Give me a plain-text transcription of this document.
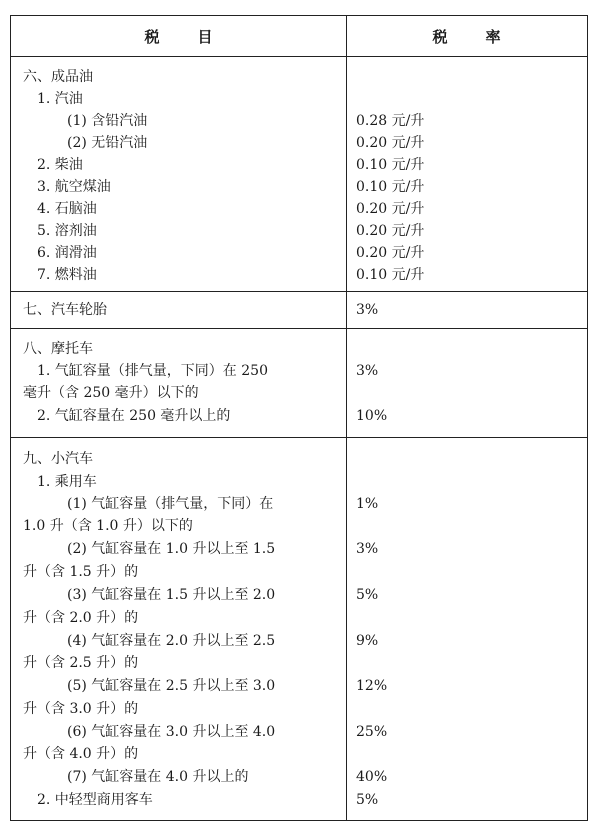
税	目	税	率
六、成品油
1. 汽油
(1) 含铅汽油	0.28 元/升
(2) 无铅汽油	0.20 元/升
2. 柴油	0.10 元/升
3. 航空煤油	0.10 元/升
4. 石脑油	0.20 元/升
5. 溶剂油	0.20 元/升
6. 润滑油	0.20 元/升
7. 燃料油	0.10 元/升
七、汽车轮胎	3%
八、摩托车
1. 气缸容量（排气量，下同）在 250	3%
毫升（含 250 毫升）以下的
2. 气缸容量在 250 毫升以上的	10%
九、小汽车
1. 乘用车
(1) 气缸容量（排气量，下同）在	1%
1.0 升（含 1.0 升）以下的
(2) 气缸容量在 1.0 升以上至 1.5	3%
升（含 1.5 升）的
(3) 气缸容量在 1.5 升以上至 2.0	5%
升（含 2.0 升）的
(4) 气缸容量在 2.0 升以上至 2.5	9%
升（含 2.5 升）的
(5) 气缸容量在 2.5 升以上至 3.0	12%
升（含 3.0 升）的
(6) 气缸容量在 3.0 升以上至 4.0	25%
升（含 4.0 升）的
(7) 气缸容量在 4.0 升以上的	40%
2. 中轻型商用客车	5%
